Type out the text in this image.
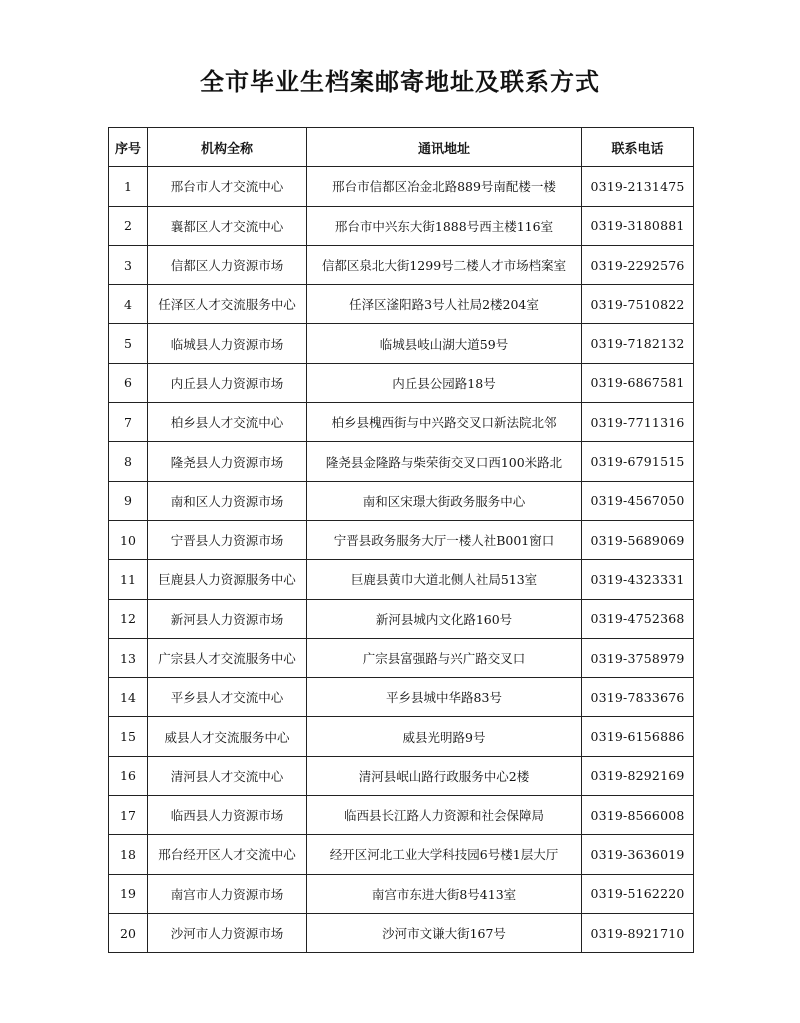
全市毕业生档案邮寄地址及联系方式
序号	机构全称	通讯地址	联系电话
1	邢台市人才交流中心	邢台市信都区冶金北路889号南配楼一楼	0319-2131475
2	襄都区人才交流中心	邢台市中兴东大街1888号西主楼116室	0319-3180881
3	信都区人力资源市场	信都区泉北大街1299号二楼人才市场档案室	0319-2292576
4	任泽区人才交流服务中心	任泽区滏阳路3号人社局2楼204室	0319-7510822
5	临城县人力资源市场	临城县岐山湖大道59号	0319-7182132
6	内丘县人力资源市场	内丘县公园路18号	0319-6867581
7	柏乡县人才交流中心	柏乡县槐西街与中兴路交叉口新法院北邻	0319-7711316
8	隆尧县人力资源市场	隆尧县金隆路与柴荣街交叉口西100米路北	0319-6791515
9	南和区人力资源市场	南和区宋璟大街政务服务中心	0319-4567050
10	宁晋县人力资源市场	宁晋县政务服务大厅一楼人社B001窗口	0319-5689069
11	巨鹿县人力资源服务中心	巨鹿县黄巾大道北侧人社局513室	0319-4323331
12	新河县人力资源市场	新河县城内文化路160号	0319-4752368
13	广宗县人才交流服务中心	广宗县富强路与兴广路交叉口	0319-3758979
14	平乡县人才交流中心	平乡县城中华路83号	0319-7833676
15	威县人才交流服务中心	威县光明路9号	0319-6156886
16	清河县人才交流中心	清河县岷山路行政服务中心2楼	0319-8292169
17	临西县人力资源市场	临西县长江路人力资源和社会保障局	0319-8566008
18	邢台经开区人才交流中心	经开区河北工业大学科技园6号楼1层大厅	0319-3636019
19	南宫市人力资源市场	南宫市东进大街8号413室	0319-5162220
20	沙河市人力资源市场	沙河市文谦大街167号	0319-8921710
